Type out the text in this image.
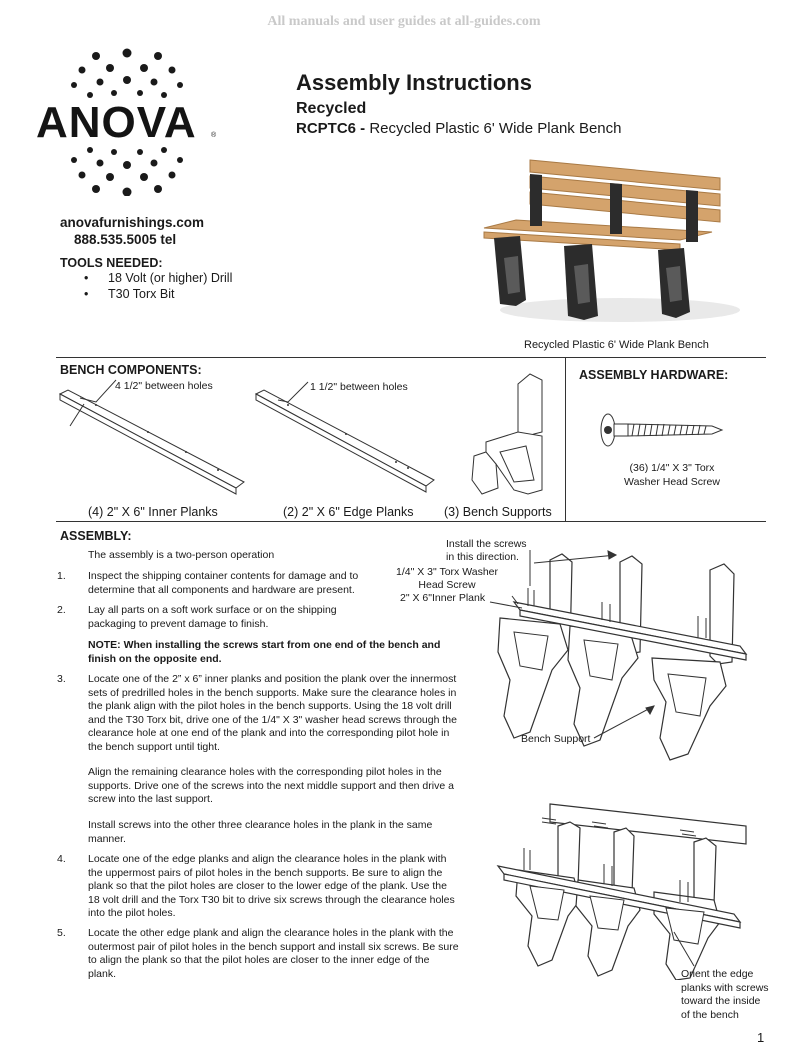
All manuals and user guides at all-guides.com
ANOVA ®
Assembly Instructions
Recycled
RCPTC6 - Recycled Plastic 6' Wide Plank Bench
anovafurnishings.com
888.535.5005 tel
TOOLS NEEDED:
• 18 Volt (or higher) Drill
• T30 Torx Bit
Recycled Plastic 6' Wide Plank Bench
BENCH COMPONENTS:
4 1/2" between holes	1 1/2" between holes
(4) 2" X 6" Inner Planks	(2) 2" X 6" Edge Planks (3) Bench Supports
ASSEMBLY HARDWARE:
(36) 1/4" X 3" Torx
Washer Head Screw
ASSEMBLY:
The assembly is a two-person operation
1. Inspect the shipping container contents for damage and to determine that all components and hardware are present.
2. Lay all parts on a soft work surface or on the shipping packaging to prevent damage to finish.
NOTE: When installing the screws start from one end of the bench and finish on the opposite end.
3. Locate one of the 2” x 6” inner planks and position the plank over the innermost sets of predrilled holes in the bench supports. Make sure the clearance holes in the plank align with the pilot holes in the bench supports. Using the 18 volt drill and the T30 Torx bit, drive one of the 1/4" X 3" washer head screws through the clearance hole at one end of the plank and into the corresponding pilot hole in the bench support until tight.
Align the remaining clearance holes with the corresponding pilot holes in the supports. Drive one of the screws into the next middle support and then drive a screw into the last support.
Install screws into the other three clearance holes in the plank in the same manner.
4. Locate one of the edge planks and align the clearance holes in the plank with the uppermost pairs of pilot holes in the bench supports. Be sure to align the plank so that the pilot holes are closer to the lower edge of the plank. Use the 18 volt drill and the Torx T30 bit to drive six screws through the clearance holes into the pilot holes.
5. Locate the other edge plank and align the clearance holes in the plank with the outermost pair of pilot holes in the bench support and install six screws. Be sure to align the plank so that the pilot holes are closer to the inner edge of the plank.
Install the screws
in this direction.
1/4" X 3" Torx Washer
Head Screw
2" X 6"Inner Plank
Bench Support
Orient the edge
planks with screws
toward the inside
of the bench
1
